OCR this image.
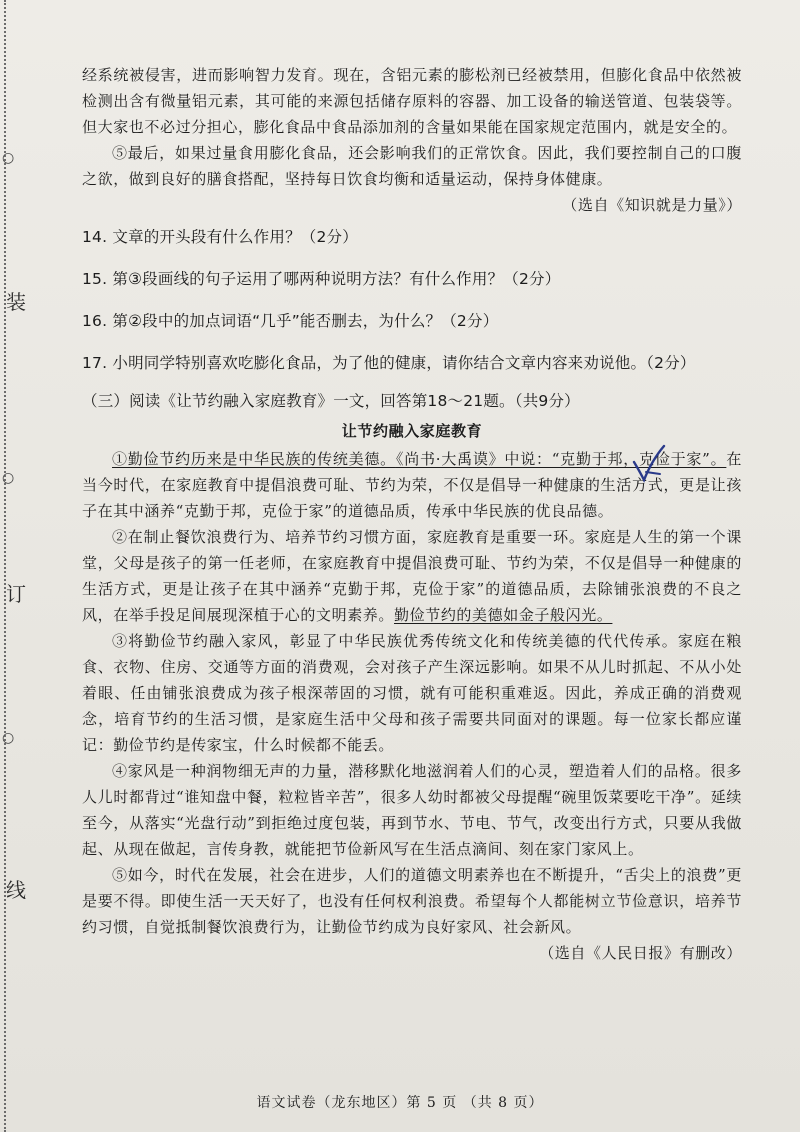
○
装
○
订
○
线

经系统被侵害，进而影响智力发育。现在，含铝元素的膨松剂已经被禁用，但膨化食品中依然被检测出含有微量铝元素，其可能的来源包括储存原料的容器、加工设备的输送管道、包装袋等。但大家也不必过分担心，膨化食品中食品添加剂的含量如果能在国家规定范围内，就是安全的。

⑤最后，如果过量食用膨化食品，还会影响我们的正常饮食。因此，我们要控制自己的口腹之欲，做到良好的膳食搭配，坚持每日饮食均衡和适量运动，保持身体健康。

（选自《知识就是力量》）

14. 文章的开头段有什么作用？（2分）

15. 第③段画线的句子运用了哪两种说明方法？有什么作用？（2分）

16. 第②段中的加点词语“几乎”能否删去，为什么？（2分）

17. 小明同学特别喜欢吃膨化食品，为了他的健康，请你结合文章内容来劝说他。（2分）

（三）阅读《让节约融入家庭教育》一文，回答第18～21题。（共9分）

让节约融入家庭教育

①勤俭节约历来是中华民族的传统美德。《尚书·大禹谟》中说：“克勤于邦，克俭于家”。在当今时代，在家庭教育中提倡浪费可耻、节约为荣，不仅是倡导一种健康的生活方式，更是让孩子在其中涵养“克勤于邦，克俭于家”的道德品质，传承中华民族的优良品德。

②在制止餐饮浪费行为、培养节约习惯方面，家庭教育是重要一环。家庭是人生的第一个课堂，父母是孩子的第一任老师，在家庭教育中提倡浪费可耻、节约为荣，不仅是倡导一种健康的生活方式，更是让孩子在其中涵养“克勤于邦，克俭于家”的道德品质，去除铺张浪费的不良之风，在举手投足间展现深植于心的文明素养。勤俭节约的美德如金子般闪光。

③将勤俭节约融入家风，彰显了中华民族优秀传统文化和传统美德的代代传承。家庭在粮食、衣物、住房、交通等方面的消费观，会对孩子产生深远影响。如果不从儿时抓起、不从小处着眼、任由铺张浪费成为孩子根深蒂固的习惯，就有可能积重难返。因此，养成正确的消费观念，培育节约的生活习惯，是家庭生活中父母和孩子需要共同面对的课题。每一位家长都应谨记：勤俭节约是传家宝，什么时候都不能丢。

④家风是一种润物细无声的力量，潜移默化地滋润着人们的心灵，塑造着人们的品格。很多人儿时都背过“谁知盘中餐，粒粒皆辛苦”，很多人幼时都被父母提醒“碗里饭菜要吃干净”。延续至今，从落实“光盘行动”到拒绝过度包装，再到节水、节电、节气，改变出行方式，只要从我做起、从现在做起，言传身教，就能把节俭新风写在生活点滴间、刻在家门家风上。

⑤如今，时代在发展，社会在进步，人们的道德文明素养也在不断提升，“舌尖上的浪费”更是要不得。即使生活一天天好了，也没有任何权利浪费。希望每个人都能树立节俭意识，培养节约习惯，自觉抵制餐饮浪费行为，让勤俭节约成为良好家风、社会新风。

（选自《人民日报》有删改）

语文试卷（龙东地区）第 5 页 （共 8 页）
